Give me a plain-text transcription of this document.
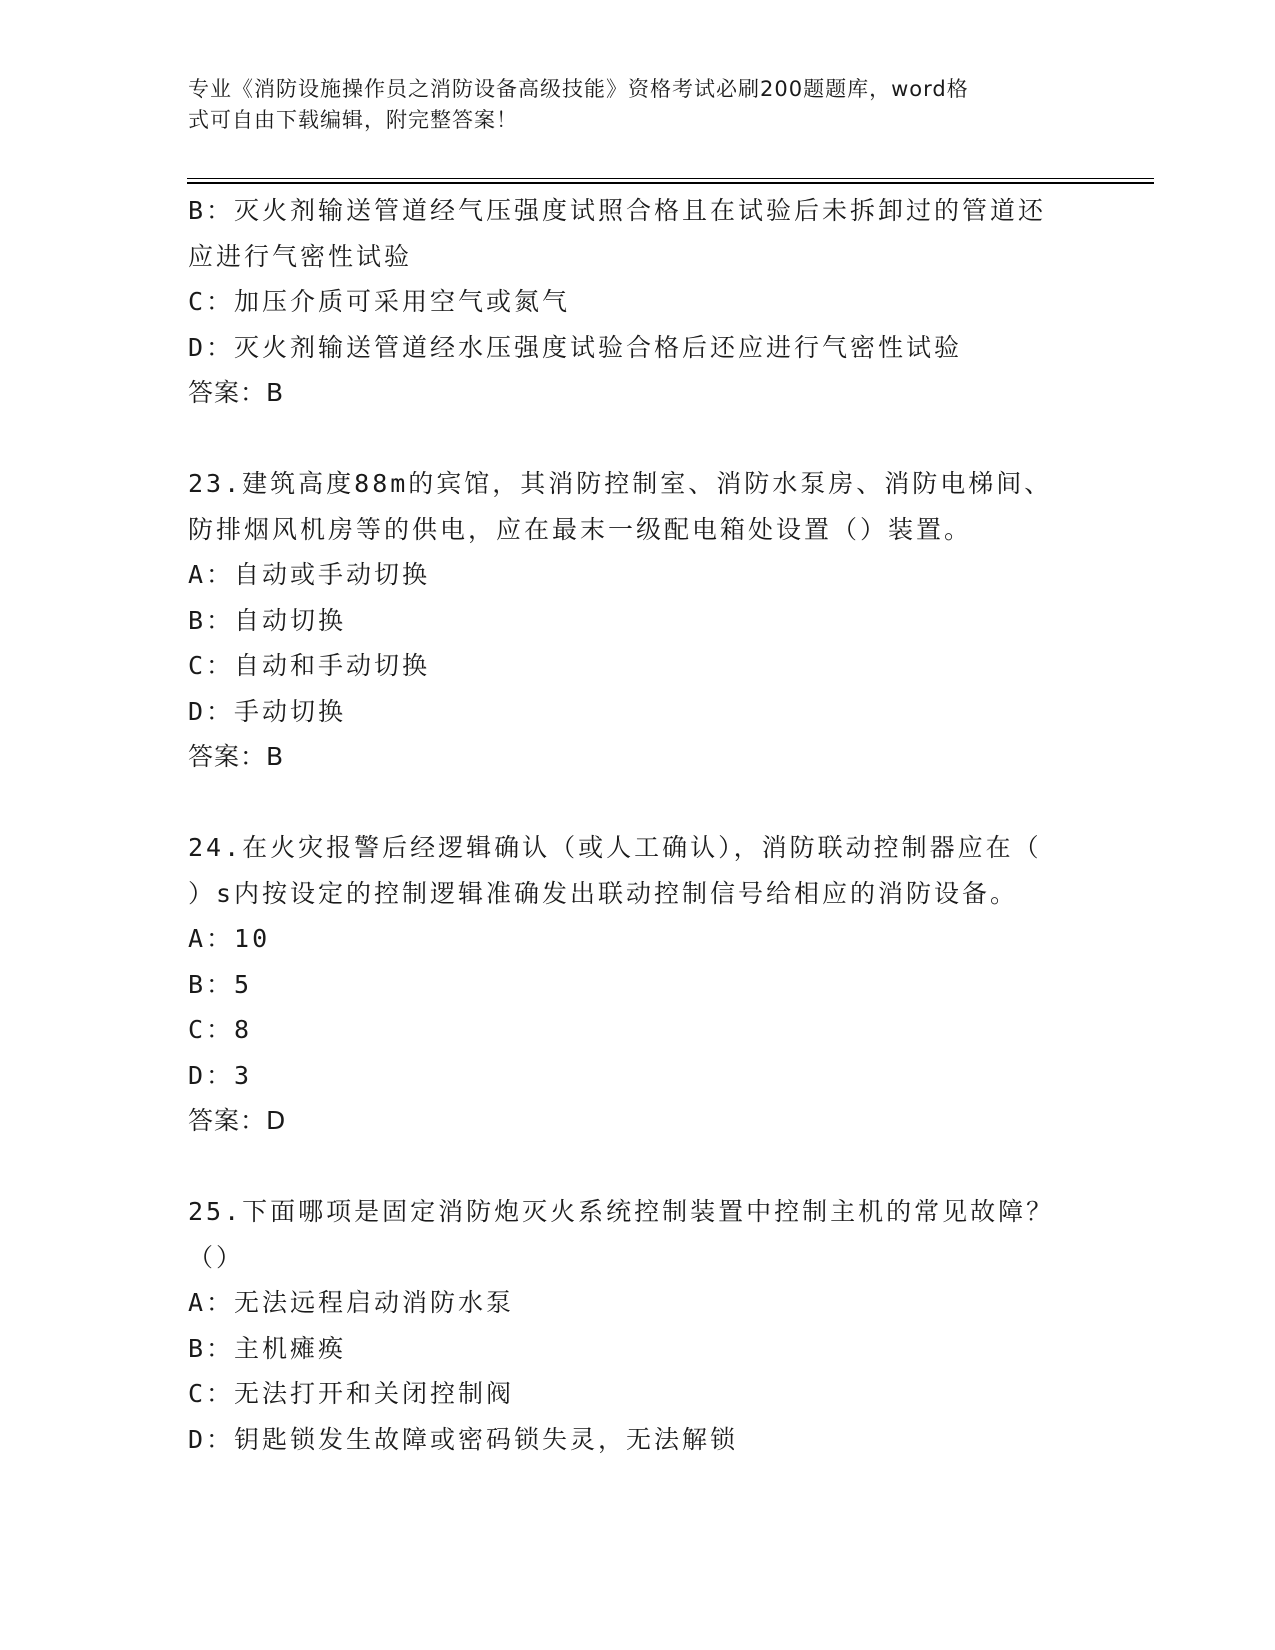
专业《消防设施操作员之消防设备高级技能》资格考试必刷200题题库，word格
式可自由下载编辑，附完整答案！
B：灭火剂输送管道经气压强度试照合格且在试验后未拆卸过的管道还
应进行气密性试验
C：加压介质可采用空气或氮气
D：灭火剂输送管道经水压强度试验合格后还应进行气密性试验
答案：B
23.建筑高度88m的宾馆，其消防控制室、消防水泵房、消防电梯间、
防排烟风机房等的供电，应在最末一级配电箱处设置（）装置。
A：自动或手动切换
B：自动切换
C：自动和手动切换
D：手动切换
答案：B
24.在火灾报警后经逻辑确认（或人工确认），消防联动控制器应在（
）s内按设定的控制逻辑准确发出联动控制信号给相应的消防设备。
A：10
B：5
C：8
D：3
答案：D
25.下面哪项是固定消防炮灭火系统控制装置中控制主机的常见故障？
（）
A：无法远程启动消防水泵
B：主机瘫痪
C：无法打开和关闭控制阀
D：钥匙锁发生故障或密码锁失灵，无法解锁
